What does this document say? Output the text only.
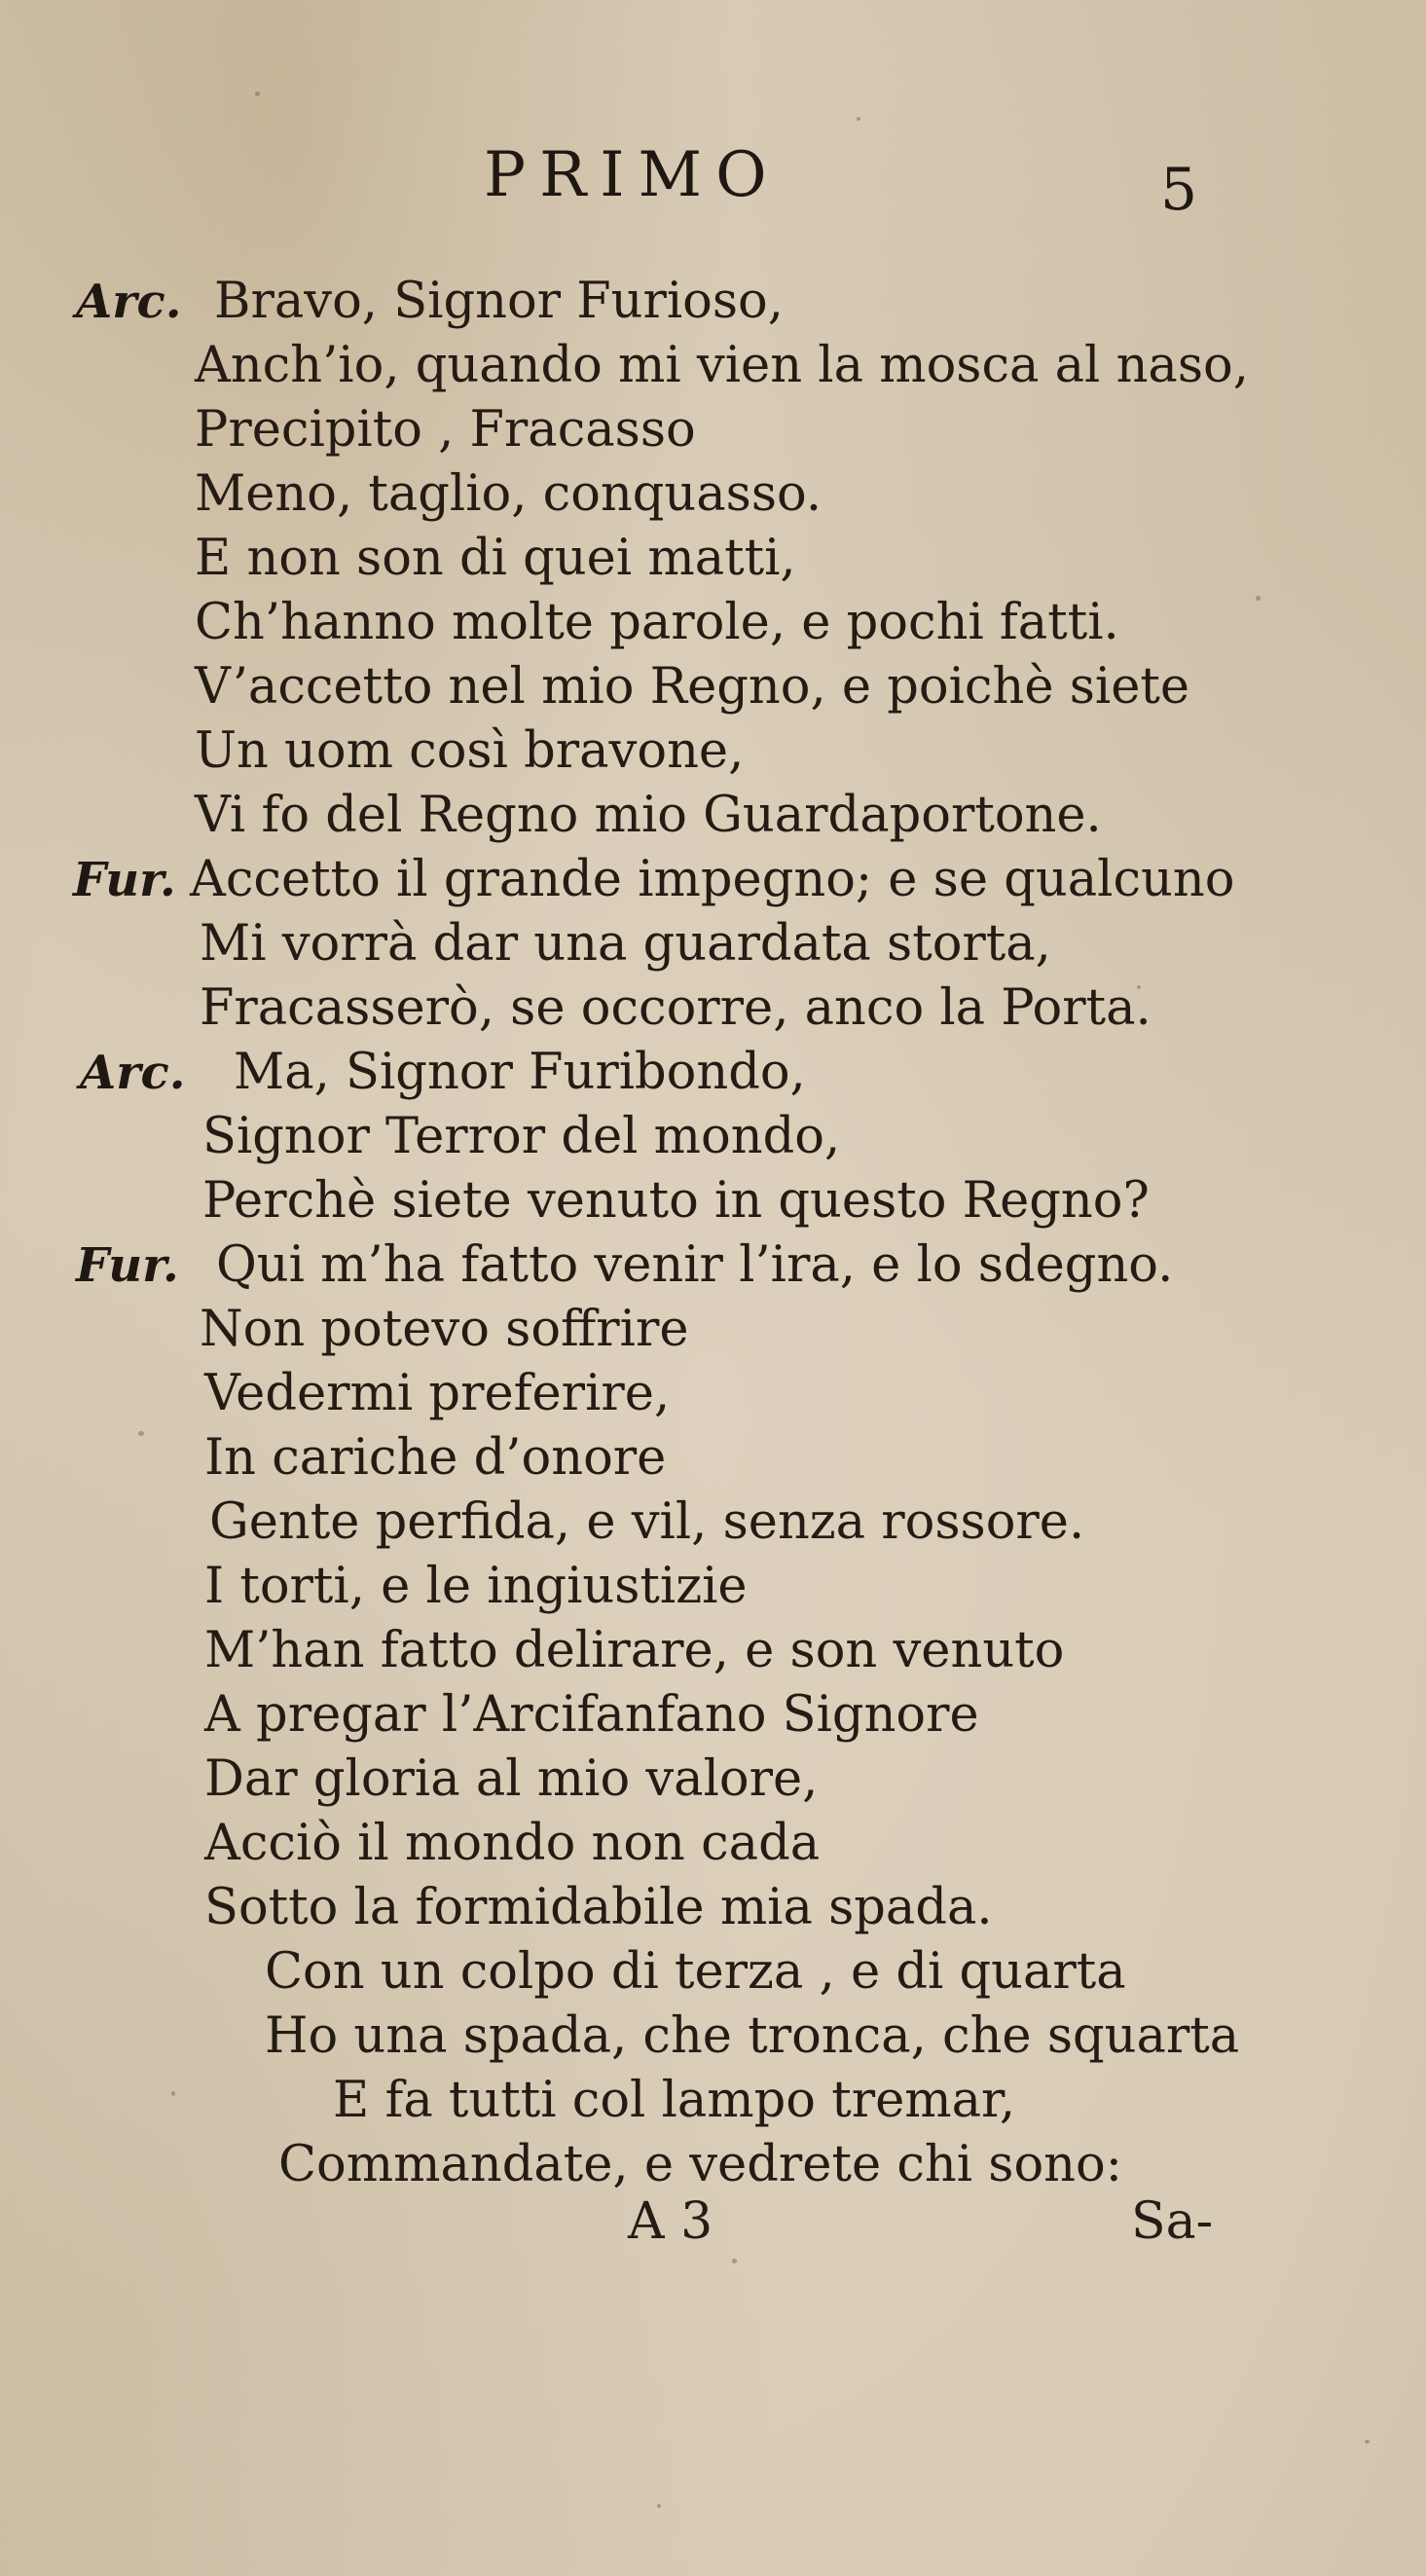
PRIMO	5
Arc. Bravo, Signor Furioso,
Anch’io, quando mi vien la mosca al naso,
Precipito , Fracasso
Meno, taglio, conquasso.
E non son di quei matti,
Ch’hanno molte parole, e pochi fatti.
V’accetto nel mio Regno, e poichè siete
Un uom così bravone,
Vi fo del Regno mio Guardaportone.
Fur. Accetto il grande impegno; e se qualcuno
Mi vorrà dar una guardata storta,
Fracasserò, se occorre, anco la Porta.
Arc. Ma, Signor Furibondo,
Signor Terror del mondo,
Perchè siete venuto in questo Regno?
Fur. Qui m’ha fatto venir l’ira, e lo sdegno.
Non potevo soffrire
Vedermi preferire,
In cariche d’onore
Gente perfida, e vil, senza rossore.
I torti, e le ingiustizie
M’han fatto delirare, e son venuto
A pregar l’Arcifanfano Signore
Dar gloria al mio valore,
Acciò il mondo non cada
Sotto la formidabile mia spada.
Con un colpo di terza , e di quarta
Ho una spada, che tronca, che squarta
E fa tutti col lampo tremar,
Commandate, e vedrete chi sono:
A 3	Sa-
